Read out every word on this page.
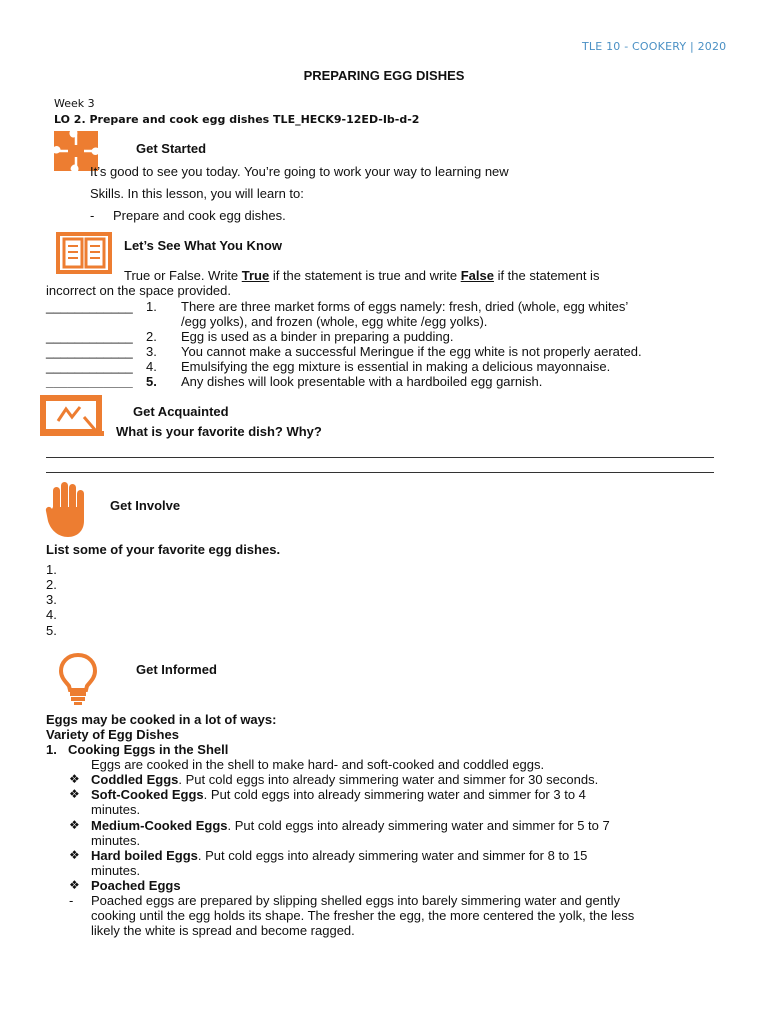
TLE 10 - COOKERY | 2020
PREPARING EGG DISHES
Week 3
LO 2. Prepare and cook egg dishes TLE_HECK9-12ED-Ib-d-2
Get Started
It’s good to see you today. You’re going to work your way to learning new
Skills. In this lesson, you will learn to:
- Prepare and cook egg dishes.
Let’s See What You Know
True or False. Write True if the statement is true and write False if the statement is
incorrect on the space provided.
____________ 1. There are three market forms of eggs namely: fresh, dried (whole, egg whites’
/egg yolks), and frozen (whole, egg white /egg yolks).
____________ 2. Egg is used as a binder in preparing a pudding.
____________ 3. You cannot make a successful Meringue if the egg white is not properly aerated.
____________ 4. Emulsifying the egg mixture is essential in making a delicious mayonnaise.
____________ 5. Any dishes will look presentable with a hardboiled egg garnish.
Get Acquainted
What is your favorite dish? Why?
Get Involve
List some of your favorite egg dishes.
1.
2.
3.
4.
5.
Get Informed
Eggs may be cooked in a lot of ways:
Variety of Egg Dishes
1. Cooking Eggs in the Shell
Eggs are cooked in the shell to make hard- and soft-cooked and coddled eggs.
❖ Coddled Eggs. Put cold eggs into already simmering water and simmer for 30 seconds.
❖ Soft-Cooked Eggs. Put cold eggs into already simmering water and simmer for 3 to 4
minutes.
❖ Medium-Cooked Eggs. Put cold eggs into already simmering water and simmer for 5 to 7
minutes.
❖ Hard boiled Eggs. Put cold eggs into already simmering water and simmer for 8 to 15
minutes.
❖ Poached Eggs
- Poached eggs are prepared by slipping shelled eggs into barely simmering water and gently
cooking until the egg holds its shape. The fresher the egg, the more centered the yolk, the less
likely the white is spread and become ragged.
